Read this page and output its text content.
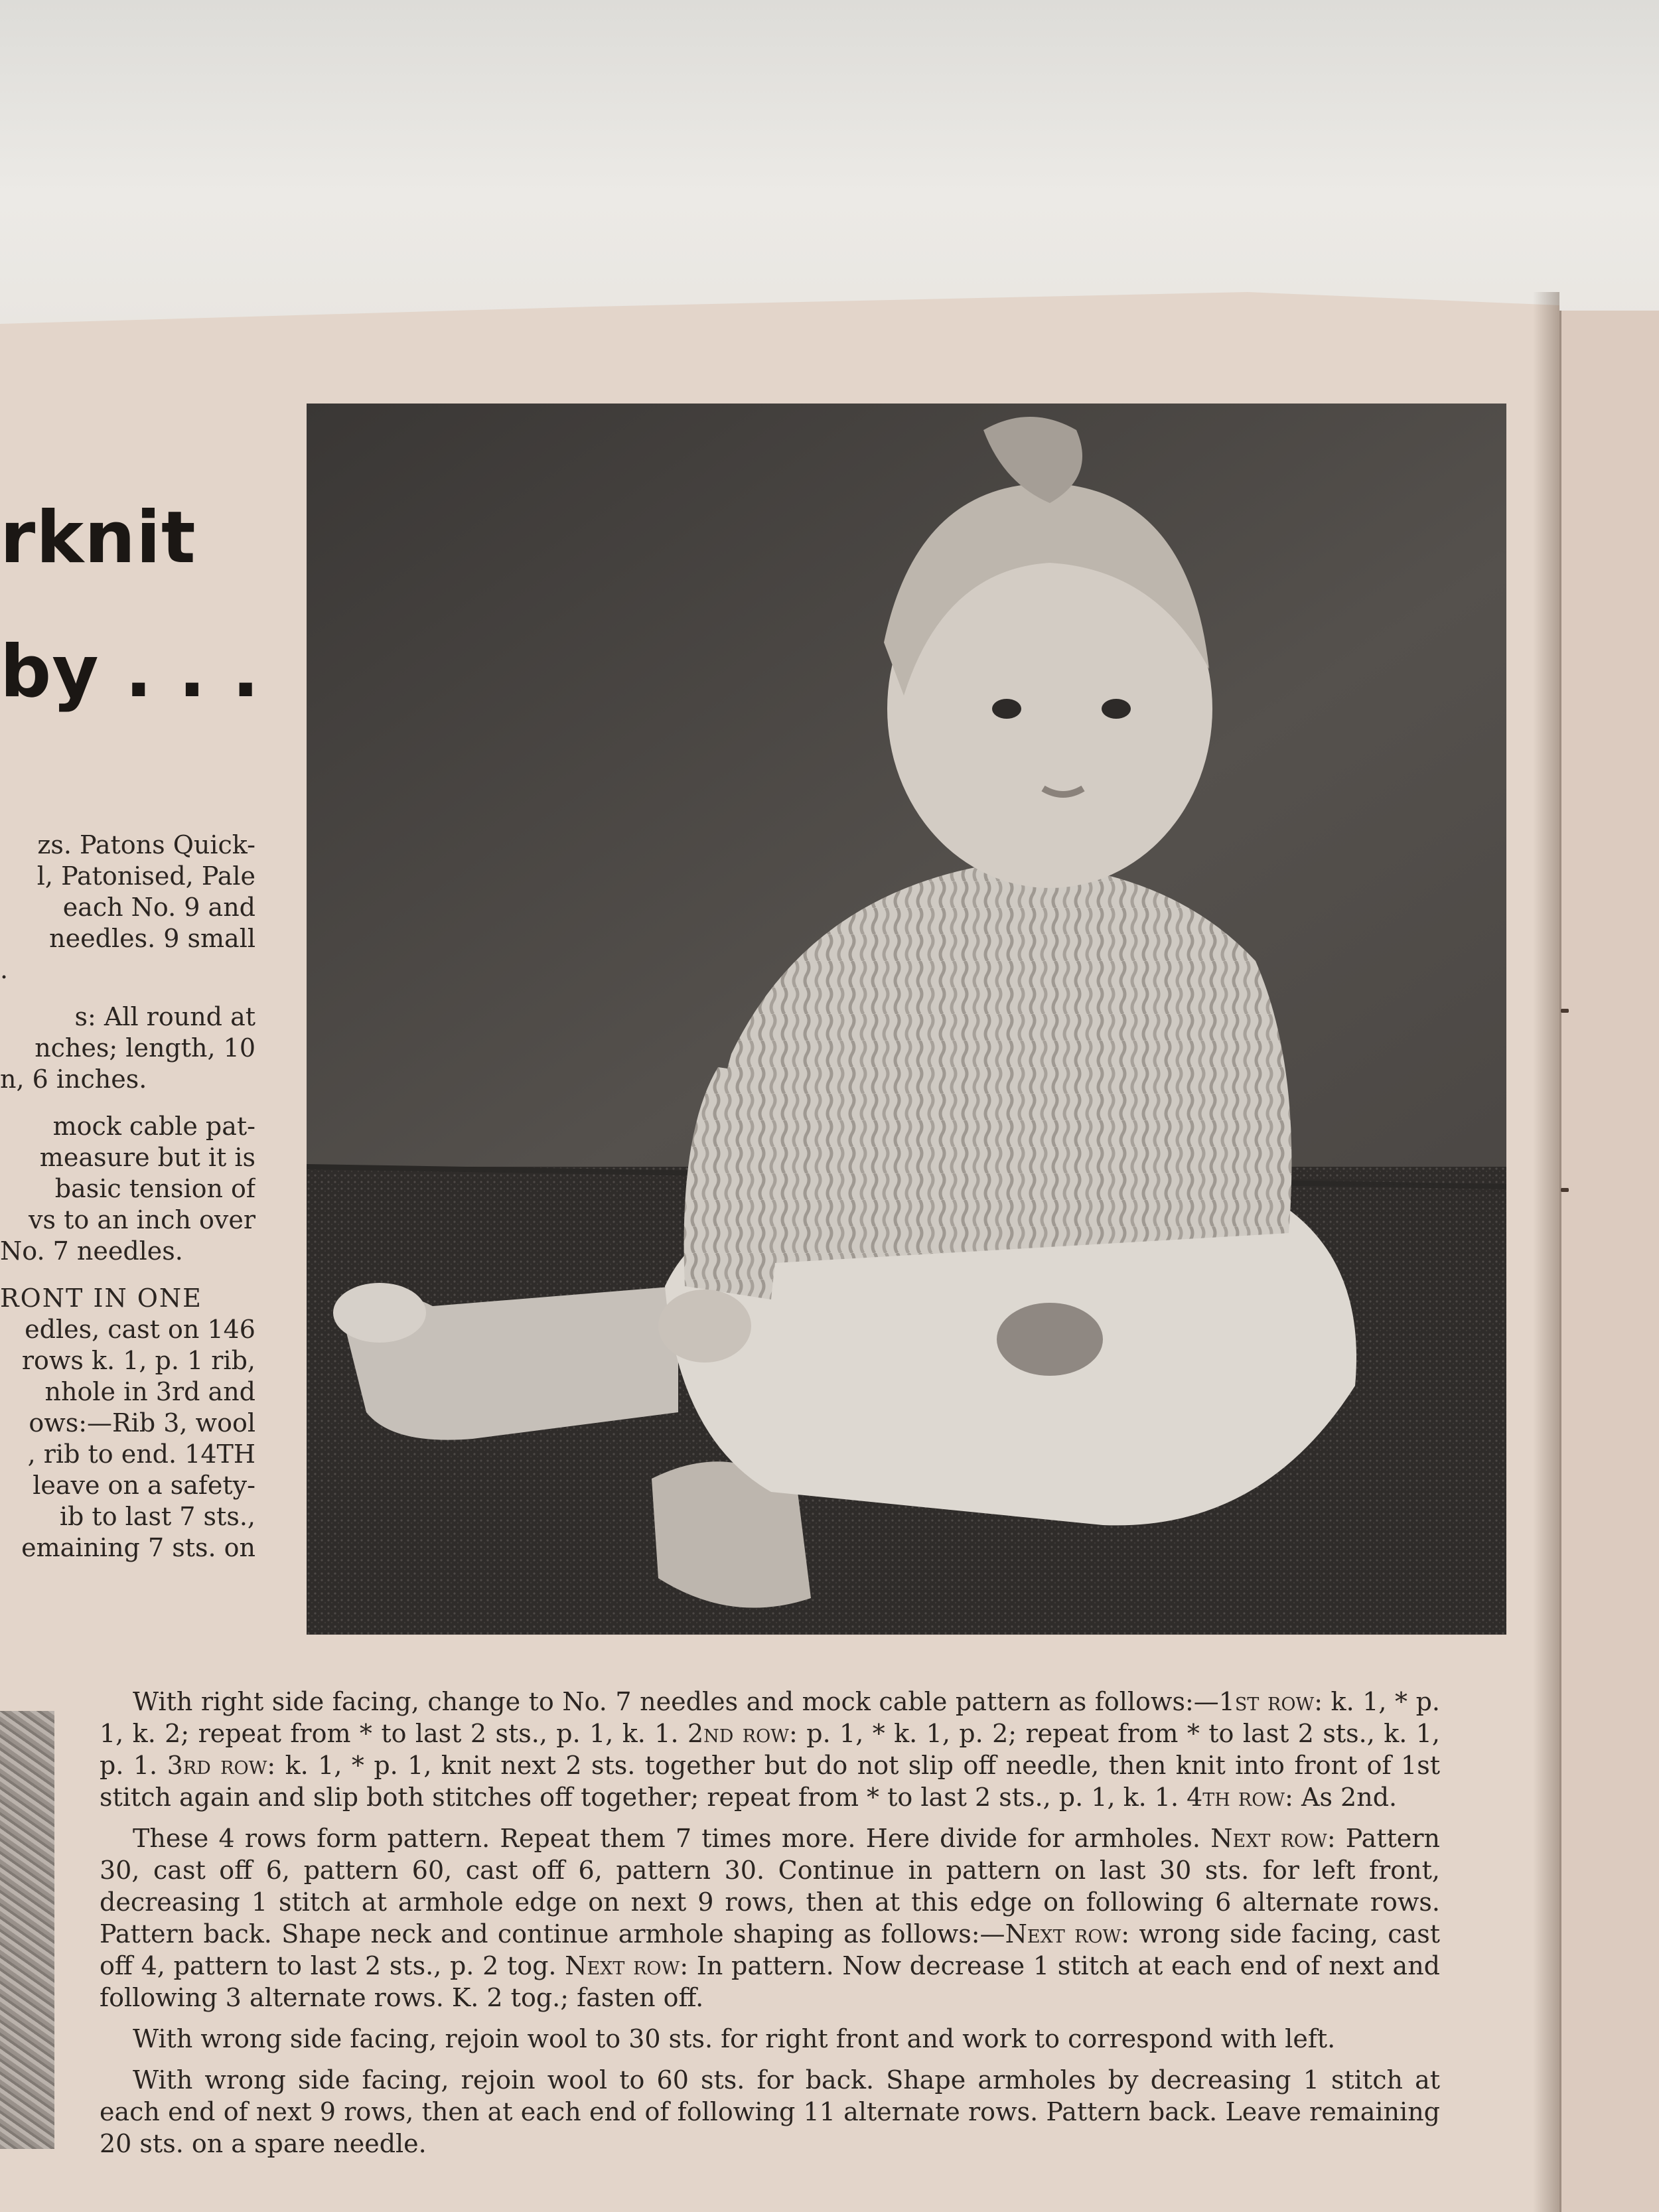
rknit
by . . .
zs. Patons Quick-
l, Patonised, Pale
each No. 9 and
needles. 9 small
.
s: All round at
nches; length, 10
n, 6 inches.
mock cable pat-
measure but it is
basic tension of
vs to an inch over
No. 7 needles.
RONT IN ONE
edles, cast on 146
rows k. 1, p. 1 rib,
nhole in 3rd and
ows:—Rib 3, wool
, rib to end. 14TH
leave on a safety-
ib to last 7 sts.,
emaining 7 sts. on

With right side facing, change to No. 7 needles and mock cable pattern as follows:—1st row: k. 1, * p. 1, k. 2; repeat from * to last 2 sts., p. 1, k. 1. 2nd row: p. 1, * k. 1, p. 2; repeat from * to last 2 sts., k. 1, p. 1. 3rd row: k. 1, * p. 1, knit next 2 sts. together but do not slip off needle, then knit into front of 1st stitch again and slip both stitches off together; repeat from * to last 2 sts., p. 1, k. 1. 4th row: As 2nd.

These 4 rows form pattern. Repeat them 7 times more. Here divide for armholes. Next row: Pattern 30, cast off 6, pattern 60, cast off 6, pattern 30. Continue in pattern on last 30 sts. for left front, decreasing 1 stitch at armhole edge on next 9 rows, then at this edge on following 6 alternate rows. Pattern back. Shape neck and continue armhole shaping as follows:—Next row: wrong side facing, cast off 4, pattern to last 2 sts., p. 2 tog. Next row: In pattern. Now decrease 1 stitch at each end of next and following 3 alternate rows. K. 2 tog.; fasten off.

With wrong side facing, rejoin wool to 30 sts. for right front and work to correspond with left.

With wrong side facing, rejoin wool to 60 sts. for back. Shape armholes by decreasing 1 stitch at each end of next 9 rows, then at each end of following 11 alternate rows. Pattern back. Leave remaining 20 sts. on a spare needle.
